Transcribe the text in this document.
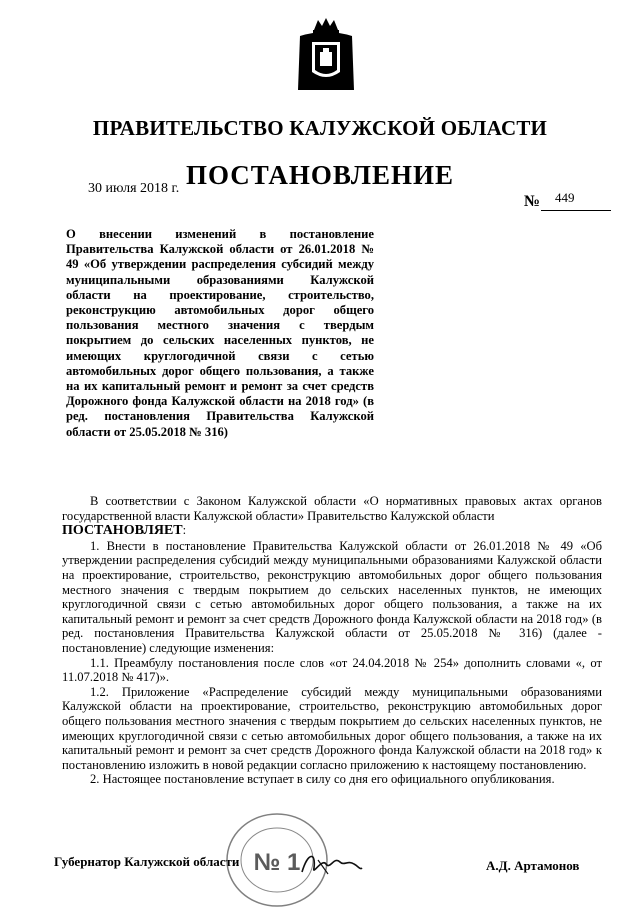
ПРАВИТЕЛЬСТВО КАЛУЖСКОЙ ОБЛАСТИ
ПОСТАНОВЛЕНИЕ
30 июля 2018 г.
№ 449
О внесении изменений в постановление Правительства Калужской области от 26.01.2018 № 49 «Об утверждении распределения субсидий между муниципальными образованиями Калужской области на проектирование, строительство, реконструкцию автомобильных дорог общего пользования местного значения с твердым покрытием до сельских населенных пунктов, не имеющих круглогодичной связи с сетью автомобильных дорог общего пользования, а также на их капитальный ремонт и ремонт за счет средств Дорожного фонда Калужской области на 2018 год» (в ред. постановления Правительства Калужской области от 25.05.2018 № 316)

В соответствии с Законом Калужской области «О нормативных правовых актах органов государственной власти Калужской области» Правительство Калужской области

ПОСТАНОВЛЯЕТ:

1. Внести в постановление Правительства Калужской области от 26.01.2018 № 49 «Об утверждении распределения субсидий между муниципальными образованиями Калужской области на проектирование, строительство, реконструкцию автомобильных дорог общего пользования местного значения с твердым покрытием до сельских населенных пунктов, не имеющих круглогодичной связи с сетью автомобильных дорог общего пользования, а также на их капитальный ремонт и ремонт за счет средств Дорожного фонда Калужской области на 2018 год» (в ред. постановления Правительства Калужской области от 25.05.2018 № 316) (далее - постановление) следующие изменения:

1.1. Преамбулу постановления после слов «от 24.04.2018 № 254» дополнить словами «, от 11.07.2018 № 417)».

1.2. Приложение «Распределение субсидий между муниципальными образованиями Калужской области на проектирование, строительство, реконструкцию автомобильных дорог общего пользования местного значения с твердым покрытием до сельских населенных пунктов, не имеющих круглогодичной связи с сетью автомобильных дорог общего пользования, а также на их капитальный ремонт и ремонт за счет средств Дорожного фонда Калужской области на 2018 год» к постановлению изложить в новой редакции согласно приложению к настоящему постановлению.

2. Настоящее постановление вступает в силу со дня его официального опубликования.

Губернатор Калужской области	А.Д. Артамонов
№ 1
